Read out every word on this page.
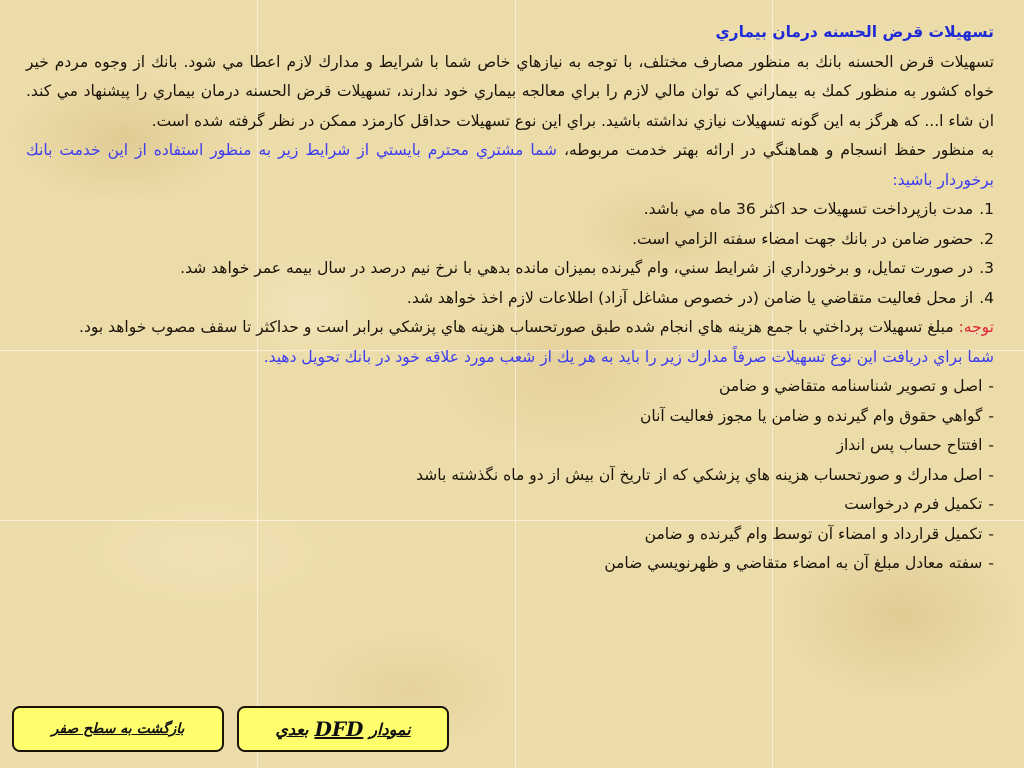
تسهيلات قرض الحسنه درمان بيماري

تسهيلات قرض الحسنه بانك به منظور مصارف مختلف، با توجه به نيازهاي خاص شما با شرايط و مدارك لازم اعطا مي شود. بانك از وجوه مردم خير خواه كشور به منظور كمك به بيماراني كه توان مالي لازم را براي معالجه بيماري خود ندارند، تسهيلات قرض الحسنه درمان بيماري را پيشنهاد مي كند. ان شاء ا... كه هرگز به اين گونه تسهيلات نيازي نداشته باشيد. براي اين نوع تسهيلات حداقل كارمزد ممكن در نظر گرفته شده است.

به منظور حفظ انسجام و هماهنگي در ارائه بهتر خدمت مربوطه، شما مشتري محترم بايستي از شرايط زير به منظور استفاده از اين خدمت بانك برخوردار باشيد:

1.مدت بازپرداخت تسهيلات حد اكثر 36 ماه مي باشد.
2.حضور ضامن در بانك جهت امضاء سفته الزامي است.
3.در صورت تمايل، و برخورداري از شرايط سني، وام گيرنده بميزان مانده بدهي با نرخ نيم درصد در سال بيمه عمر خواهد شد.
4.از محل فعاليت متقاضي يا ضامن (در خصوص مشاغل آزاد) اطلاعات لازم اخذ خواهد شد.

توجه: مبلغ تسهيلات پرداختي با جمع هزينه هاي انجام شده طبق صورتحساب هزينه هاي پزشكي برابر است و حداكثر تا سقف مصوب خواهد بود.

شما براي دريافت اين نوع تسهيلات صرفاً مدارك زير را بايد به هر يك از شعب مورد علاقه خود در بانك تحويل دهيد.

-اصل و تصوير شناسنامه متقاضي و ضامن
-گواهي حقوق وام گيرنده و ضامن يا مجوز فعاليت آنان
-افتتاح حساب پس انداز
-اصل مدارك و صورتحساب هزينه هاي پزشكي كه از تاريخ آن بيش از دو ماه نگذشته باشد
-تكميل فرم درخواست
-تكميل قرارداد و امضاء آن توسط وام گيرنده و ضامن
-سفته معادل مبلغ آن به امضاء متقاضي و ظهرنويسي ضامن
نمودار
DFD
بعدي
بازگشت به سطح صفر
